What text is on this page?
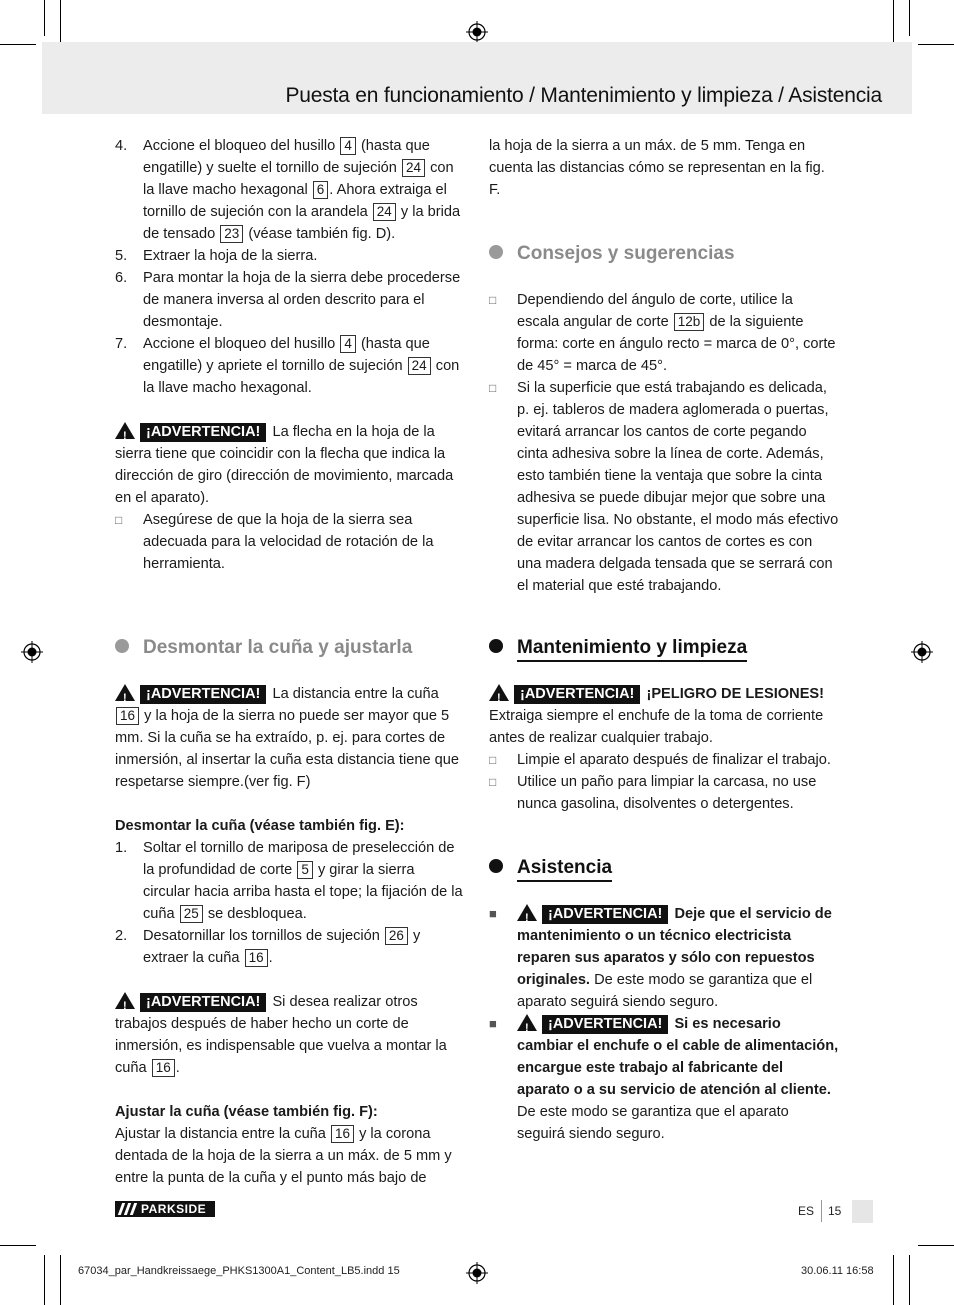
Puesta en funcionamiento / Mantenimiento y limpieza / Asistencia
4.	Accione el bloqueo del husillo 4 (hasta que engatille) y suelte el tornillo de sujeción 24 con la llave macho hexagonal 6 . Ahora extraiga el tornillo de sujeción con la arandela 24 y la brida de tensado 23 (véase también fig. D).
5.	Extraer la hoja de la sierra.
6.	Para montar la hoja de la sierra debe procederse de manera inversa al orden descrito para el desmontaje.
7.	Accione el bloqueo del husillo 4 (hasta que engatille) y apriete el tornillo de sujeción 24 con la llave macho hexagonal.

!¡ADVERTENCIA! La flecha en la hoja de la sierra tiene que coincidir con la flecha que indica la dirección de giro (dirección de movimiento, marcada en el aparato).

□ Asegúrese de que la hoja de la sierra sea adecuada para la velocidad de rotación de la herramienta.
Desmontar la cuña y ajustarla

!¡ADVERTENCIA! La distancia entre la cuña 16 y la hoja de la sierra no puede ser mayor que 5 mm. Si la cuña se ha extraído, p. ej. para cortes de inmersión, al insertar la cuña esta distancia tiene que respetarse siempre.(ver fig. F)

Desmontar la cuña (véase también fig. E):

1.	Soltar el tornillo de mariposa de preselección de la profundidad de corte 5 y girar la sierra circular hacia arriba hasta el tope; la fijación de la cuña 25 se desbloquea.
2.	Desatornillar los tornillos de sujeción 26 y extraer la cuña 16 .

!¡ADVERTENCIA! Si desea realizar otros trabajos después de haber hecho un corte de inmersión, es indispensable que vuelva a montar la cuña 16 .

Ajustar la cuña (véase también fig. F):

Ajustar la distancia entre la cuña 16 y la corona dentada de la hoja de la sierra a un máx. de 5 mm y entre la punta de la cuña y el punto más bajo de

la hoja de la sierra a un máx. de 5 mm. Tenga en cuenta las distancias cómo se representan en la fig. F.

Consejos y sugerencias
□ Dependiendo del ángulo de corte, utilice la escala angular de corte 12b de la siguiente forma: corte en ángulo recto = marca de 0°, corte de 45° = marca de 45°.
□ Si la superficie que está trabajando es delicada, p. ej. tableros de madera aglomerada o puertas, evitará arrancar los cantos de corte pegando cinta adhesiva sobre la línea de corte. Además, esto también tiene la ventaja que sobre la cinta adhesiva se puede dibujar mejor que sobre una superficie lisa. No obstante, el modo más efectivo de evitar arrancar los cantos de cortes es con una madera delgada tensada que se serrará con el material que esté trabajando.
Mantenimiento y limpieza

!¡ADVERTENCIA! ¡PELIGRO DE LESIONES! Extraiga siempre el enchufe de la toma de corriente antes de realizar cualquier trabajo.

□ Limpie el aparato después de finalizar el trabajo.
□ Utilice un paño para limpiar la carcasa, no use nunca gasolina, disolventes o detergentes.
Asistencia
■ !	¡ADVERTENCIA! Deje que el servicio de mantenimiento o un técnico electricista reparen sus aparatos y sólo con repuestos originales. De este modo se garantiza que el aparato seguirá siendo seguro.
■ !	¡ADVERTENCIA! Si es necesario cambiar el enchufe o el cable de alimentación, encargue este trabajo al fabricante del aparato o a su servicio de atención al cliente. De este modo se garantiza que el aparato seguirá siendo seguro.
PARKSIDE	ES 15
67034_par_Handkreissaege_PHKS1300A1_Content_LB5.indd 15	30.06.11 16:58
